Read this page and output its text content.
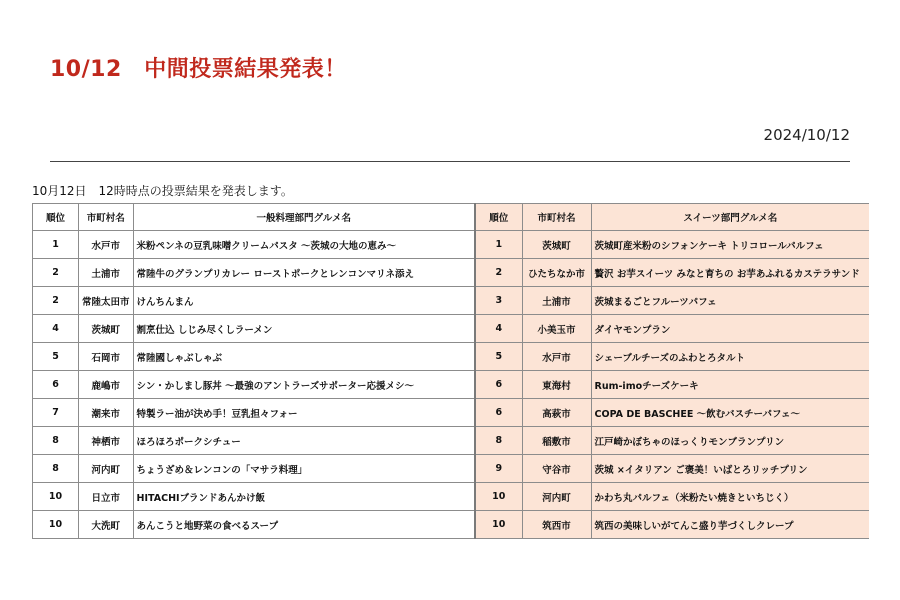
10/12　中間投票結果発表！
2024/10/12
10月12日　12時時点の投票結果を発表します。
順位	市町村名	一般料理部門グルメ名	順位	市町村名	スイーツ部門グルメ名
1	水戸市	米粉ペンネの豆乳味噌クリームパスタ ～茨城の大地の恵み～	1	茨城町	茨城町産米粉のシフォンケーキ トリコロールパルフェ
2	土浦市	常陸牛のグランプリカレー ローストポークとレンコンマリネ添え	2	ひたちなか市	贅沢 お芋スイーツ みなと育ちの お芋あふれるカステラサンド
2	常陸太田市	けんちんまん	3	土浦市	茨城まるごとフルーツパフェ
4	茨城町	割烹仕込 しじみ尽くしラーメン	4	小美玉市	ダイヤモンプラン
5	石岡市	常陸國しゃぶしゃぶ	5	水戸市	シェーブルチーズのふわとろタルト
6	鹿嶋市	シン・かしまし豚丼 ～最強のアントラーズサポーター応援メシ～	6	東海村	Rum-imoチーズケーキ
7	潮来市	特製ラー油が決め手！豆乳担々フォー	6	高萩市	COPA DE BASCHEE ～飲むバスチーパフェ～
8	神栖市	ほろほろポークシチュー	8	稲敷市	江戸崎かぼちゃのほっくりモンブランプリン
8	河内町	ちょうざめ＆レンコンの「マサラ料理」	9	守谷市	茨城 ×イタリアン ご褒美！いばとろリッチプリン
10	日立市	HITACHIブランドあんかけ飯	10	河内町	かわち丸パルフェ（米粉たい焼きといちじく）
10	大洗町	あんこうと地野菜の食べるスープ	10	筑西市	筑西の美味しいがてんこ盛り芋づくしクレープ
